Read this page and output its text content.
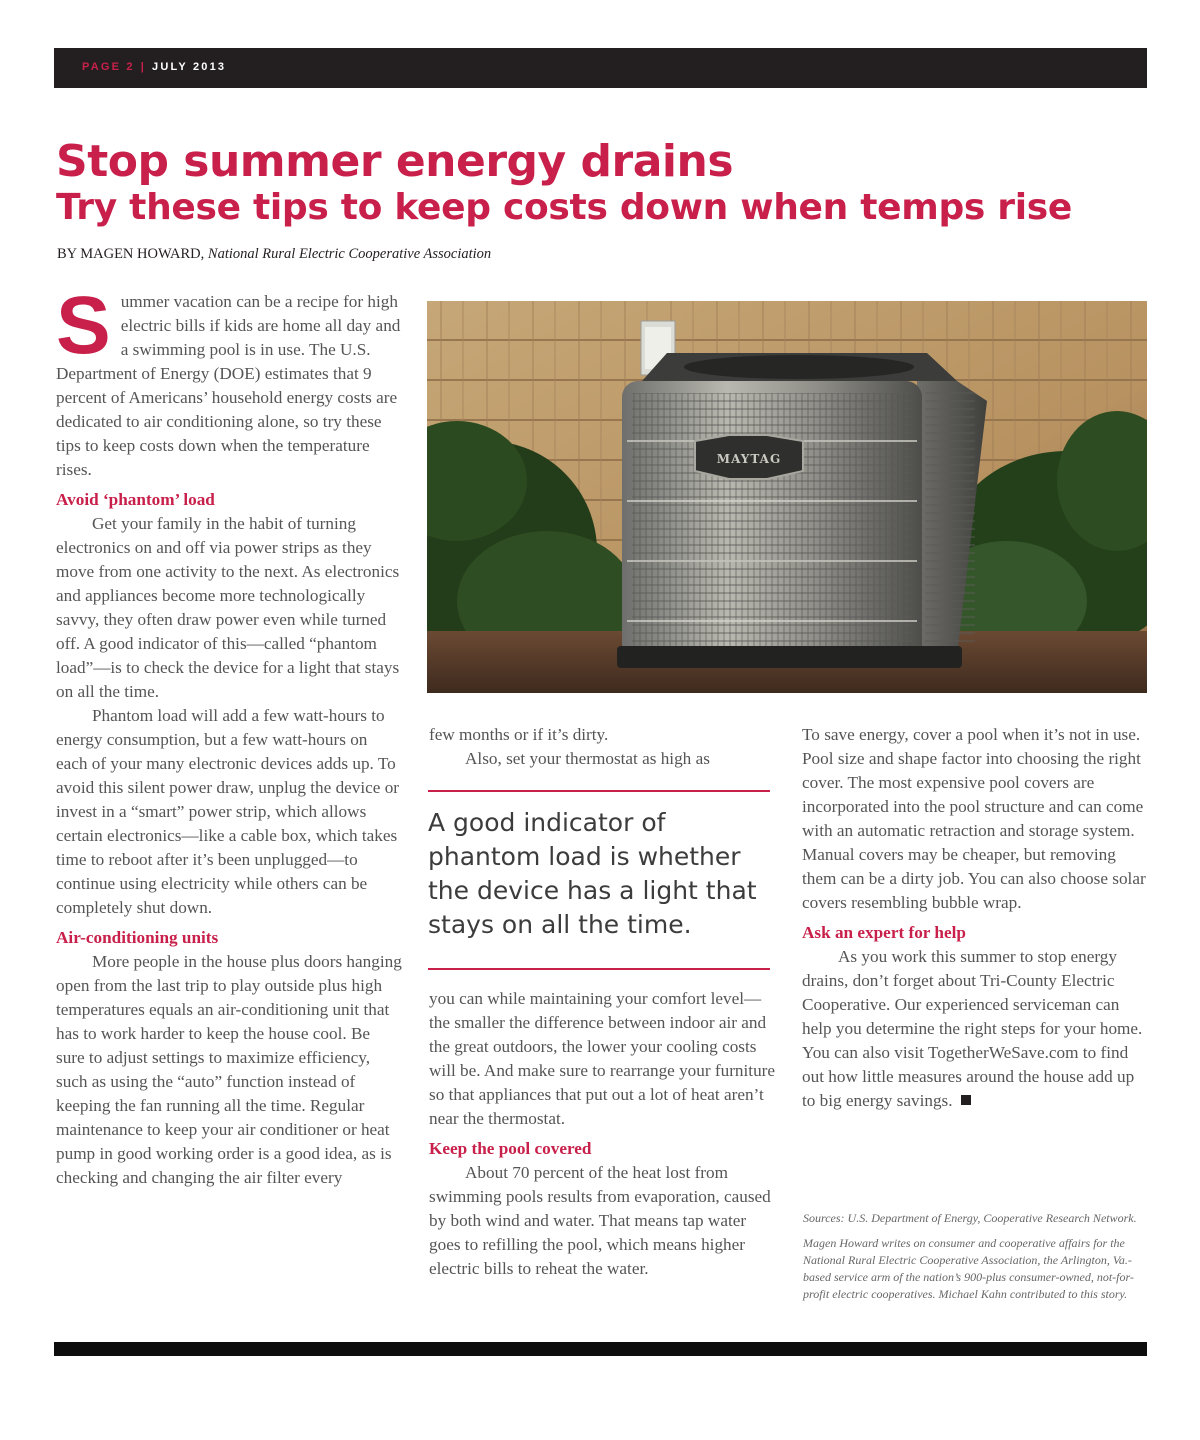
PAGE 2 | JULY 2013
Stop summer energy drains
Try these tips to keep costs down when temps rise
BY MAGEN HOWARD, National Rural Electric Cooperative Association

Summer vacation can be a recipe for high electric bills if kids are home all day and a swimming pool is in use. The U.S. Department of Energy (DOE) estimates that 9 percent of Americans’ household energy costs are dedicated to air conditioning alone, so try these tips to keep costs down when the temperature rises.

Avoid ‘phantom’ load

Get your family in the habit of turning electronics on and off via power strips as they move from one activity to the next. As electronics and appliances become more technologically savvy, they often draw power even while turned off. A good indicator of this—called “phantom load”—is to check the device for a light that stays on all the time.

Phantom load will add a few watt-hours to energy consumption, but a few watt-hours on each of your many electronic devices adds up. To avoid this silent power draw, unplug the device or invest in a “smart” power strip, which allows certain electronics—like a cable box, which takes time to reboot after it’s been unplugged—to continue using electricity while others can be completely shut down.

Air-conditioning units

More people in the house plus doors hanging open from the last trip to play outside plus high temperatures equals an air-conditioning unit that has to work harder to keep the house cool. Be sure to adjust settings to maximize efficiency, such as using the “auto” function instead of keeping the fan running all the time. Regular maintenance to keep your air conditioner or heat pump in good working order is a good idea, as is checking and changing the air filter every

MAYTAG

few months or if it’s dirty.

Also, set your thermostat as high as

A good indicator of phantom load is whether the device has a light that stays on all the time.

you can while maintaining your comfort level—the smaller the difference between indoor air and the great outdoors, the lower your cooling costs will be. And make sure to rearrange your furniture so that appliances that put out a lot of heat aren’t near the thermostat.

Keep the pool covered

About 70 percent of the heat lost from swimming pools results from evaporation, caused by both wind and water. That means tap water goes to refilling the pool, which means higher electric bills to reheat the water.

To save energy, cover a pool when it’s not in use. Pool size and shape factor into choosing the right cover. The most expensive pool covers are incorporated into the pool structure and can come with an automatic retraction and storage system. Manual covers may be cheaper, but removing them can be a dirty job. You can also choose solar covers resembling bubble wrap.

Ask an expert for help

As you work this summer to stop energy drains, don’t forget about Tri-County Electric Cooperative. Our experienced serviceman can help you determine the right steps for your home. You can also visit TogetherWeSave.com to find out how little measures around the house add up to big energy savings.

Sources: U.S. Department of Energy, Cooperative Research Network.

Magen Howard writes on consumer and cooperative affairs for the National Rural Electric Cooperative Association, the Arlington, Va.-based service arm of the nation’s 900-plus consumer-owned, not-for-profit electric cooperatives. Michael Kahn contributed to this story.
